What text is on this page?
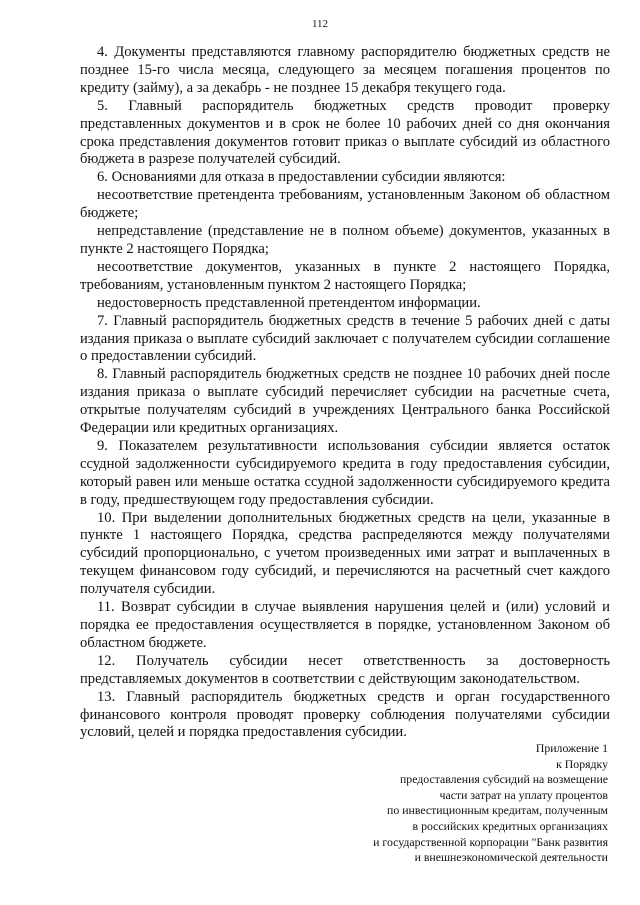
112

4. Документы представляются главному распорядителю бюджетных средств не позднее 15-го числа месяца, следующего за месяцем погашения процентов по кредиту (займу), а за декабрь - не позднее 15 декабря текущего года.

5. Главный распорядитель бюджетных средств проводит проверку представленных документов и в срок не более 10 рабочих дней со дня окончания срока представления документов готовит приказ о выплате субсидий из областного бюджета в разрезе получателей субсидий.

6. Основаниями для отказа в предоставлении субсидии являются:

несоответствие претендента требованиям, установленным Законом об областном бюджете;

непредставление (представление не в полном объеме) документов, указанных в пункте 2 настоящего Порядка;

несоответствие документов, указанных в пункте 2 настоящего Порядка, требованиям, установленным пунктом 2 настоящего Порядка;

недостоверность представленной претендентом информации.

7. Главный распорядитель бюджетных средств в течение 5 рабочих дней с даты издания приказа о выплате субсидий заключает с получателем субсидии соглашение о предоставлении субсидий.

8. Главный распорядитель бюджетных средств не позднее 10 рабочих дней после издания приказа о выплате субсидий перечисляет субсидии на расчетные счета, открытые получателям субсидий в учреждениях Центрального банка Российской Федерации или кредитных организациях.

9. Показателем результативности использования субсидии является остаток ссудной задолженности субсидируемого кредита в году предоставления субсидии, который равен или меньше остатка ссудной задолженности субсидируемого кредита в году, предшествующем году предоставления субсидии.

10. При выделении дополнительных бюджетных средств на цели, указанные в пункте 1 настоящего Порядка, средства распределяются между получателями субсидий пропорционально, с учетом произведенных ими затрат и выплаченных в текущем финансовом году субсидий, и перечисляются на расчетный счет каждого получателя субсидии.

11. Возврат субсидии в случае выявления нарушения целей и (или) условий и порядка ее предоставления осуществляется в порядке, установленном Законом об областном бюджете.

12. Получатель субсидии несет ответственность за достоверность представляемых документов в соответствии с действующим законодательством.

13. Главный распорядитель бюджетных средств и орган государственного финансового контроля проводят проверку соблюдения получателями субсидии условий, целей и порядка предоставления субсидии.

Приложение 1
к Порядку
предоставления субсидий на возмещение
части затрат на уплату процентов
по инвестиционным кредитам, полученным
в российских кредитных организациях
и государственной корпорации "Банк развития
и внешнеэкономической деятельности
